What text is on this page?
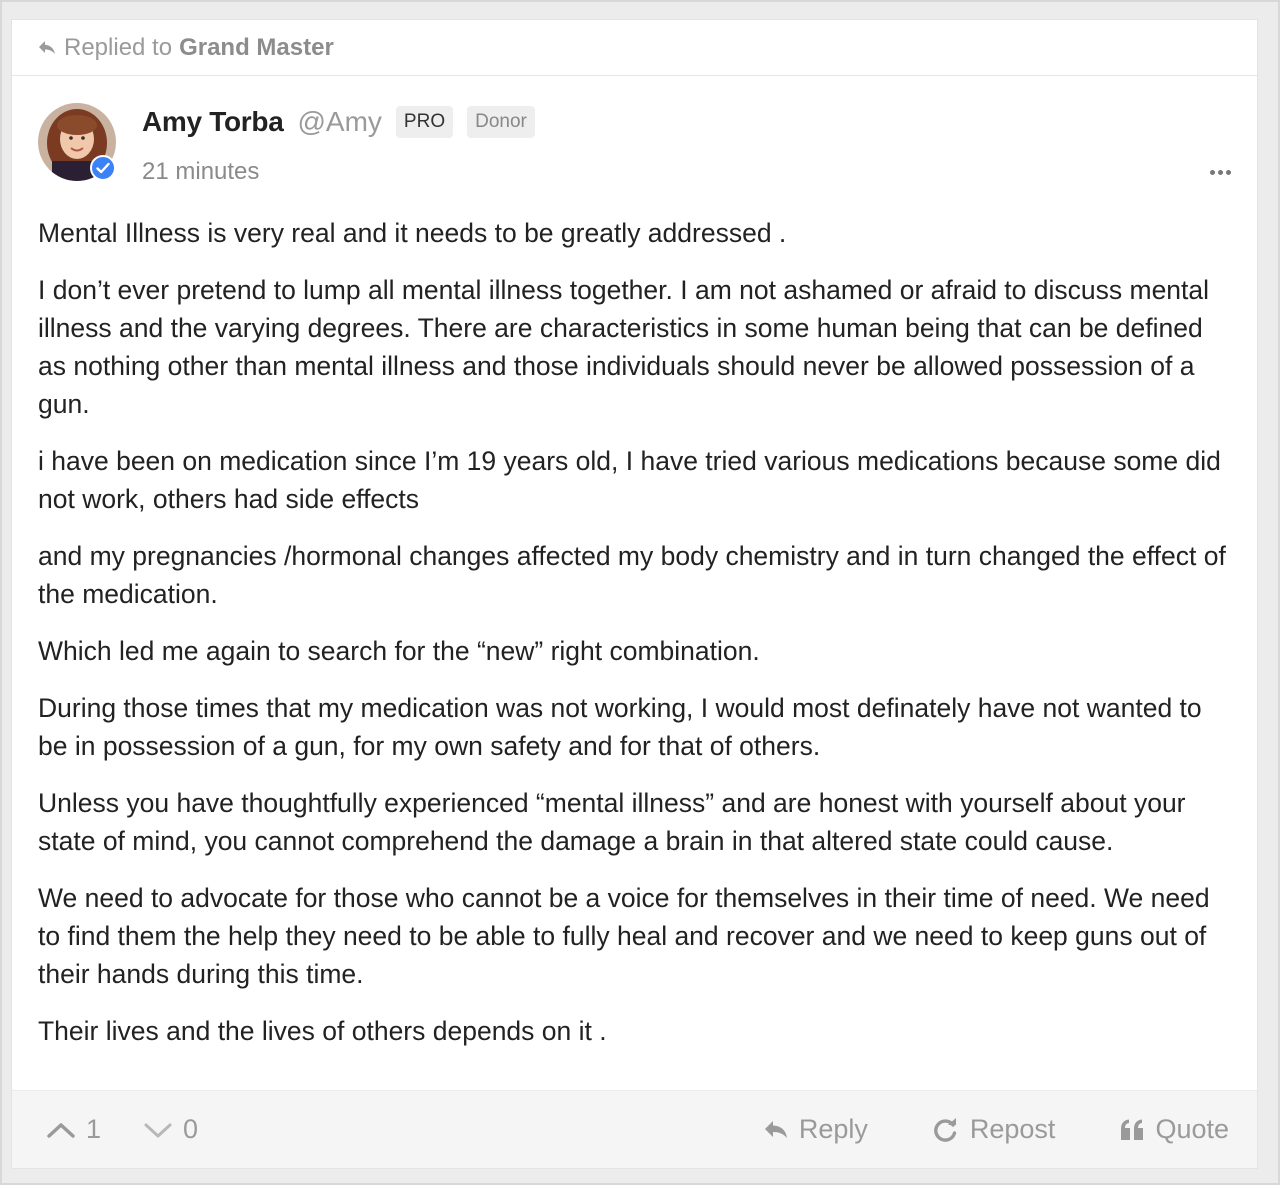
Replied to Grand Master
Amy Torba @Amy	PRO	Donor
21 minutes

Mental Illness is very real and it needs to be greatly addressed .

I don’t ever pretend to lump all mental illness together. I am not ashamed or afraid to discuss mental illness and the varying degrees. There are characteristics in some human being that can be defined as nothing other than mental illness and those individuals should never be allowed possession of a gun.

i have been on medication since I’m 19 years old, I have tried various medications because some did not work, others had side effects

and my pregnancies /hormonal changes affected my body chemistry and in turn changed the effect of the medication.

Which led me again to search for the “new” right combination.

During those times that my medication was not working, I would most definately have not wanted to be in possession of a gun, for my own safety and for that of others.

Unless you have thoughtfully experienced “mental illness” and are honest with yourself about your state of mind, you cannot comprehend the damage a brain in that altered state could cause.

We need to advocate for those who cannot be a voice for themselves in their time of need. We need to find them the help they need to be able to fully heal and recover and we need to keep guns out of their hands during this time.

Their lives and the lives of others depends on it .

1	0	Reply	Repost	Quote
